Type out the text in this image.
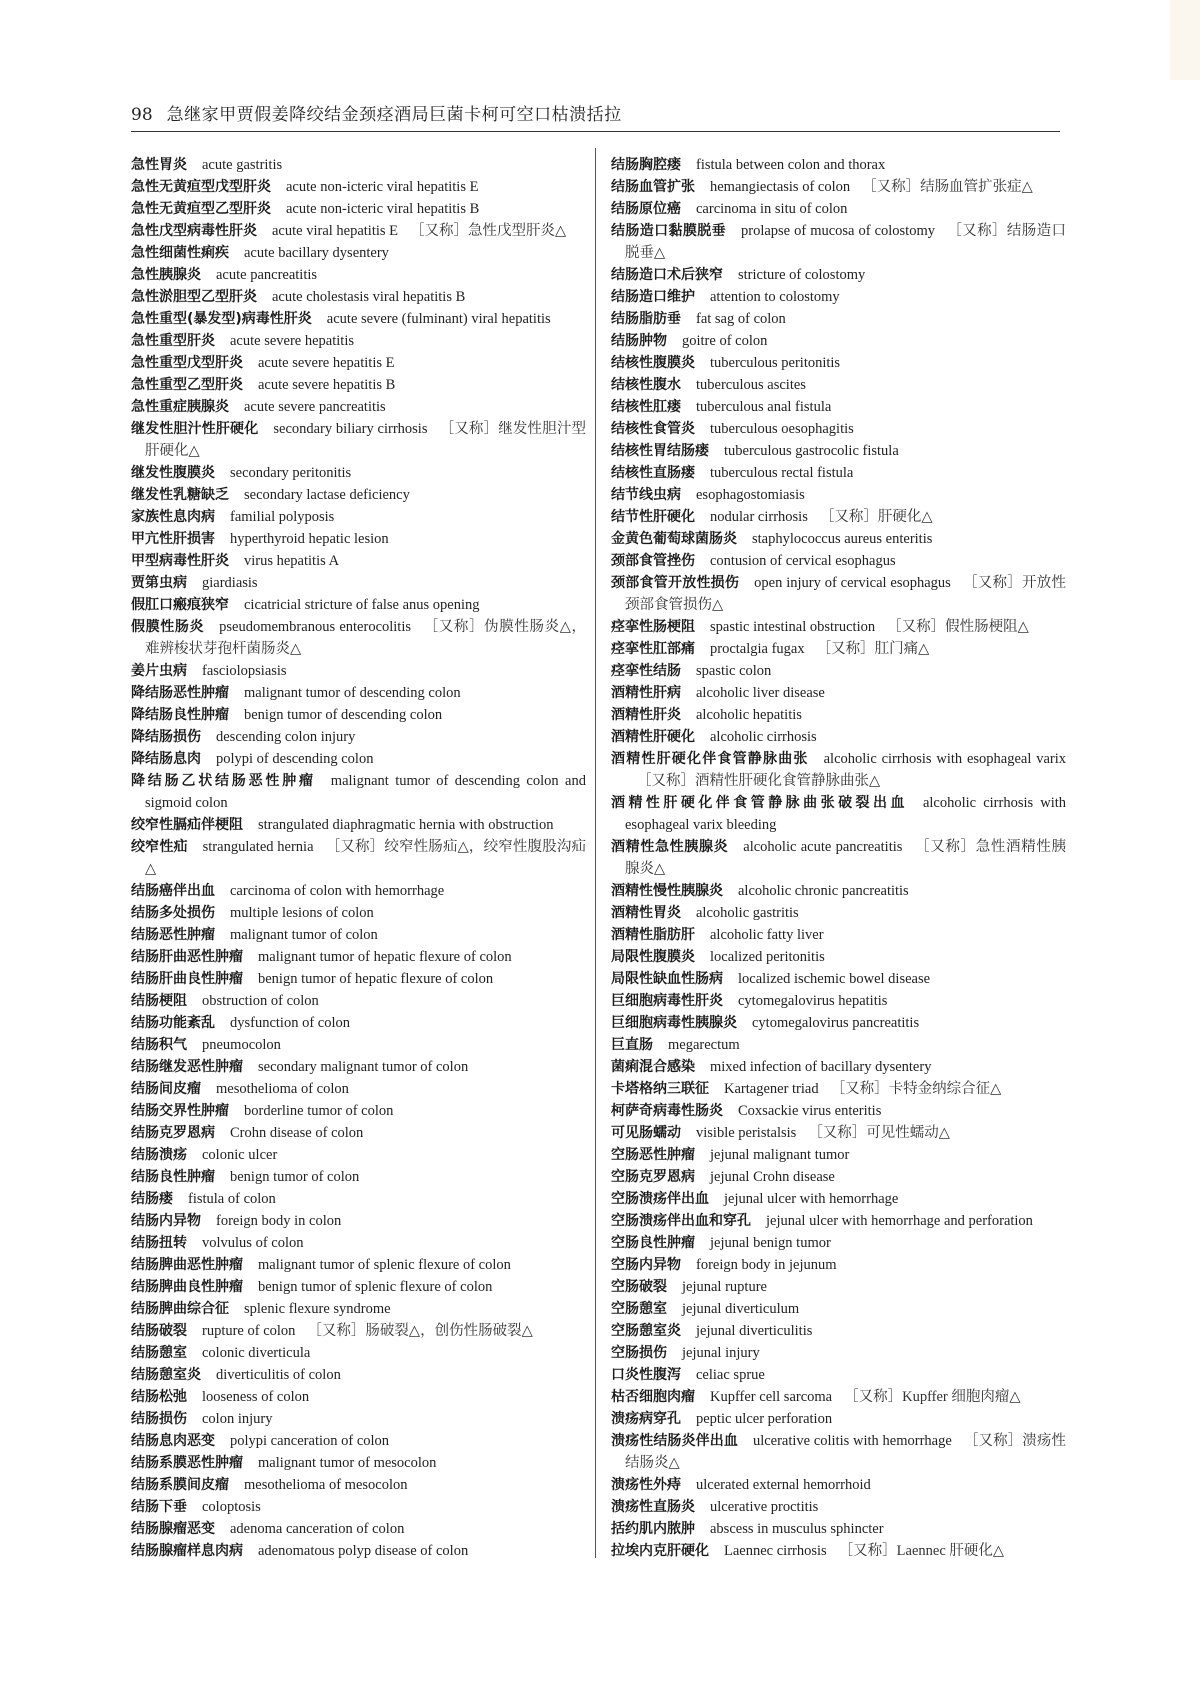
98 急继家甲贾假姜降绞结金颈痉酒局巨菌卡柯可空口枯溃括拉
急性胃炎 acute gastritis
急性无黄疸型戊型肝炎 acute non-icteric viral hepatitis E
急性无黄疸型乙型肝炎 acute non-icteric viral hepatitis B
急性戊型病毒性肝炎 acute viral hepatitis E ［又称］急性戊型肝炎△
急性细菌性痢疾 acute bacillary dysentery
急性胰腺炎 acute pancreatitis
急性淤胆型乙型肝炎 acute cholestasis viral hepatitis B
急性重型(暴发型)病毒性肝炎 acute severe (fulminant) viral hepatitis
急性重型肝炎 acute severe hepatitis
急性重型戊型肝炎 acute severe hepatitis E
急性重型乙型肝炎 acute severe hepatitis B
急性重症胰腺炎 acute severe pancreatitis
继发性胆汁性肝硬化 secondary biliary cirrhosis ［又称］继发性胆汁型肝硬化△
继发性腹膜炎 secondary peritonitis
继发性乳糖缺乏 secondary lactase deficiency
家族性息肉病 familial polyposis
甲亢性肝损害 hyperthyroid hepatic lesion
甲型病毒性肝炎 virus hepatitis A
贾第虫病 giardiasis
假肛口瘢痕狭窄 cicatricial stricture of false anus opening
假膜性肠炎 pseudomembranous enterocolitis ［又称］伪膜性肠炎△，难辨梭状芽孢杆菌肠炎△
姜片虫病 fasciolopsiasis
降结肠恶性肿瘤 malignant tumor of descending colon
降结肠良性肿瘤 benign tumor of descending colon
降结肠损伤 descending colon injury
降结肠息肉 polypi of descending colon
降结肠乙状结肠恶性肿瘤 malignant tumor of descending colon and sigmoid colon
绞窄性膈疝伴梗阻 strangulated diaphragmatic hernia with obstruction
绞窄性疝 strangulated hernia ［又称］绞窄性肠疝△，绞窄性腹股沟疝△
结肠癌伴出血 carcinoma of colon with hemorrhage
结肠多处损伤 multiple lesions of colon
结肠恶性肿瘤 malignant tumor of colon
结肠肝曲恶性肿瘤 malignant tumor of hepatic flexure of colon
结肠肝曲良性肿瘤 benign tumor of hepatic flexure of colon
结肠梗阻 obstruction of colon
结肠功能紊乱 dysfunction of colon
结肠积气 pneumocolon
结肠继发恶性肿瘤 secondary malignant tumor of colon
结肠间皮瘤 mesothelioma of colon
结肠交界性肿瘤 borderline tumor of colon
结肠克罗恩病 Crohn disease of colon
结肠溃疡 colonic ulcer
结肠良性肿瘤 benign tumor of colon
结肠瘘 fistula of colon
结肠内异物 foreign body in colon
结肠扭转 volvulus of colon
结肠脾曲恶性肿瘤 malignant tumor of splenic flexure of colon
结肠脾曲良性肿瘤 benign tumor of splenic flexure of colon
结肠脾曲综合征 splenic flexure syndrome
结肠破裂 rupture of colon ［又称］肠破裂△，创伤性肠破裂△
结肠憩室 colonic diverticula
结肠憩室炎 diverticulitis of colon
结肠松弛 looseness of colon
结肠损伤 colon injury
结肠息肉恶变 polypi canceration of colon
结肠系膜恶性肿瘤 malignant tumor of mesocolon
结肠系膜间皮瘤 mesothelioma of mesocolon
结肠下垂 coloptosis
结肠腺瘤恶变 adenoma canceration of colon
结肠腺瘤样息肉病 adenomatous polyp disease of colon
结肠胸腔瘘 fistula between colon and thorax
结肠血管扩张 hemangiectasis of colon ［又称］结肠血管扩张症△
结肠原位癌 carcinoma in situ of colon
结肠造口黏膜脱垂 prolapse of mucosa of colostomy ［又称］结肠造口脱垂△
结肠造口术后狭窄 stricture of colostomy
结肠造口维护 attention to colostomy
结肠脂肪垂 fat sag of colon
结肠肿物 goitre of colon
结核性腹膜炎 tuberculous peritonitis
结核性腹水 tuberculous ascites
结核性肛瘘 tuberculous anal fistula
结核性食管炎 tuberculous oesophagitis
结核性胃结肠瘘 tuberculous gastrocolic fistula
结核性直肠瘘 tuberculous rectal fistula
结节线虫病 esophagostomiasis
结节性肝硬化 nodular cirrhosis ［又称］肝硬化△
金黄色葡萄球菌肠炎 staphylococcus aureus enteritis
颈部食管挫伤 contusion of cervical esophagus
颈部食管开放性损伤 open injury of cervical esophagus ［又称］开放性颈部食管损伤△
痉挛性肠梗阻 spastic intestinal obstruction ［又称］假性肠梗阻△
痉挛性肛部痛 proctalgia fugax ［又称］肛门痛△
痉挛性结肠 spastic colon
酒精性肝病 alcoholic liver disease
酒精性肝炎 alcoholic hepatitis
酒精性肝硬化 alcoholic cirrhosis
酒精性肝硬化伴食管静脉曲张 alcoholic cirrhosis with esophageal varix［又称］酒精性肝硬化食管静脉曲张△
酒精性肝硬化伴食管静脉曲张破裂出血 alcoholic cirrhosis with esophageal varix bleeding
酒精性急性胰腺炎 alcoholic acute pancreatitis ［又称］急性酒精性胰腺炎△
酒精性慢性胰腺炎 alcoholic chronic pancreatitis
酒精性胃炎 alcoholic gastritis
酒精性脂肪肝 alcoholic fatty liver
局限性腹膜炎 localized peritonitis
局限性缺血性肠病 localized ischemic bowel disease
巨细胞病毒性肝炎 cytomegalovirus hepatitis
巨细胞病毒性胰腺炎 cytomegalovirus pancreatitis
巨直肠 megarectum
菌痢混合感染 mixed infection of bacillary dysentery
卡塔格纳三联征 Kartagener triad ［又称］卡特金纳综合征△
柯萨奇病毒性肠炎 Coxsackie virus enteritis
可见肠蠕动 visible peristalsis ［又称］可见性蠕动△
空肠恶性肿瘤 jejunal malignant tumor
空肠克罗恩病 jejunal Crohn disease
空肠溃疡伴出血 jejunal ulcer with hemorrhage
空肠溃疡伴出血和穿孔 jejunal ulcer with hemorrhage and perforation
空肠良性肿瘤 jejunal benign tumor
空肠内异物 foreign body in jejunum
空肠破裂 jejunal rupture
空肠憩室 jejunal diverticulum
空肠憩室炎 jejunal diverticulitis
空肠损伤 jejunal injury
口炎性腹泻 celiac sprue
枯否细胞肉瘤 Kupffer cell sarcoma ［又称］Kupffer 细胞肉瘤△
溃疡病穿孔 peptic ulcer perforation
溃疡性结肠炎伴出血 ulcerative colitis with hemorrhage ［又称］溃疡性结肠炎△
溃疡性外痔 ulcerated external hemorrhoid
溃疡性直肠炎 ulcerative proctitis
括约肌内脓肿 abscess in musculus sphincter
拉埃内克肝硬化 Laennec cirrhosis ［又称］Laennec 肝硬化△
